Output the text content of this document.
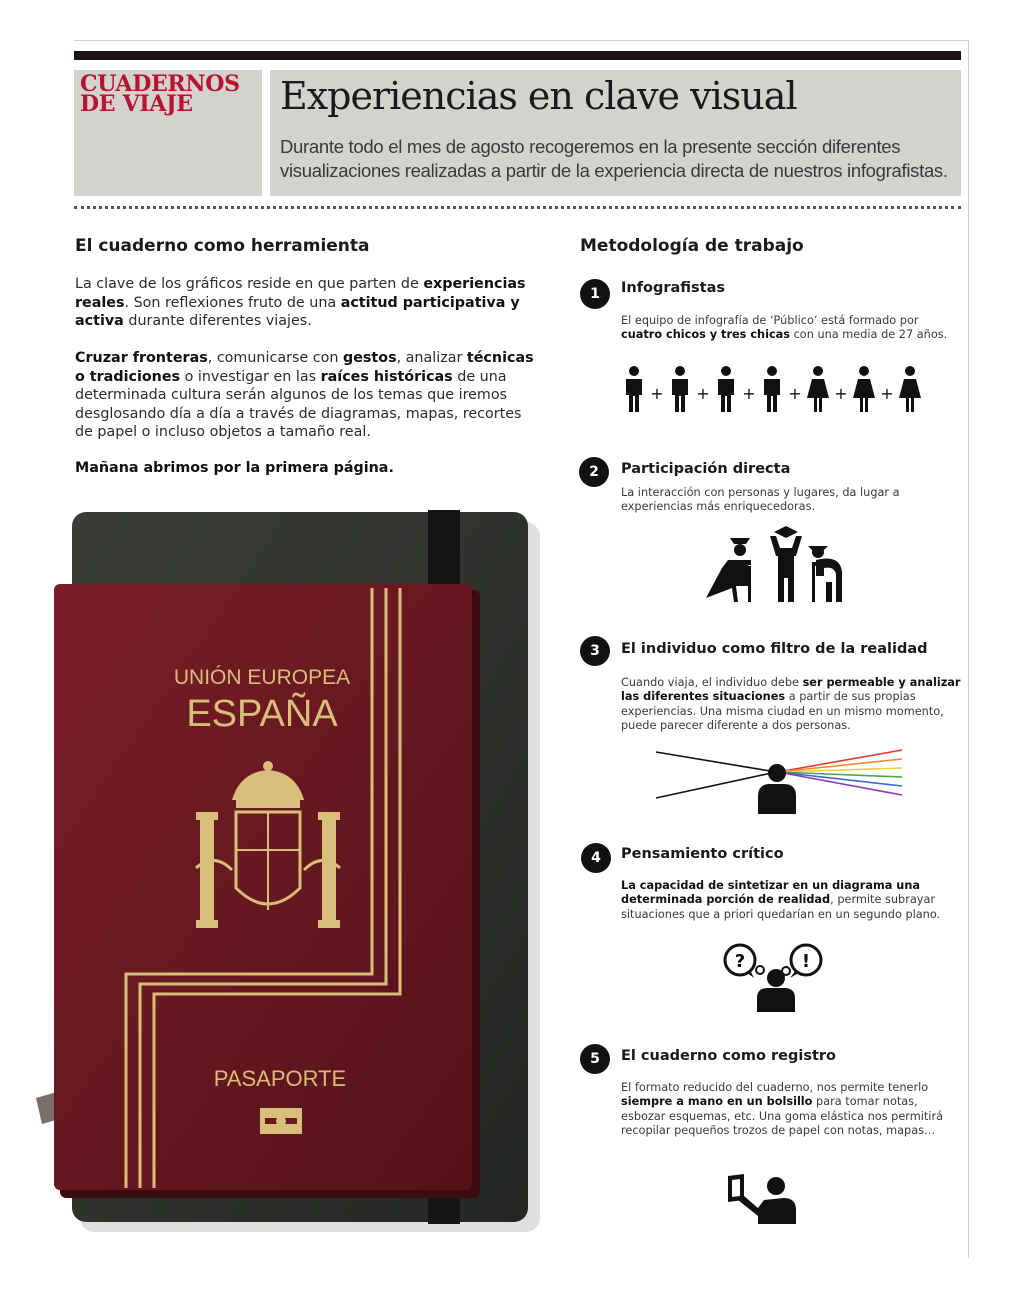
CUADERNOS
DE VIAJE	Experiencias en clave visual
Durante todo el mes de agosto recogeremos en la presente sección diferentes visualizaciones realizadas a partir de la experiencia directa de nuestros infografistas.
El cuaderno como herramienta
La clave de los gráficos reside en que parten de experiencias reales. Son reflexiones fruto de una actitud participativa y activa durante diferentes viajes.
Cruzar fronteras, comunicarse con gestos, analizar técnicas o tradiciones o investigar en las raíces históricas de una determinada cultura serán algunos de los temas que iremos desglosando día a día a través de diagramas, mapas, recortes de papel o incluso objetos a tamaño real.
Mañana abrimos por la primera página.
UNIÓN EUROPEA
ESPAÑA
PASAPORTE
Metodología de trabajo
1	Infografistas
El equipo de infografía de ‘Público’ está formado por cuatro chicos y tres chicas con una media de 27 años.
+ + + + + +
2	Participación directa
La interacción con personas y lugares, da lugar a experiencias más enriquecedoras.
3	El individuo como filtro de la realidad
Cuando viaja, el individuo debe ser permeable y analizar las diferentes situaciones a partir de sus propias experiencias. Una misma ciudad en un mismo momento, puede parecer diferente a dos personas.
4	Pensamiento crítico
La capacidad de sintetizar en un diagrama una determinada porción de realidad, permite subrayar situaciones que a priori quedarían en un segundo plano.
?	!
5	El cuaderno como registro
El formato reducido del cuaderno, nos permite tenerlo siempre a mano en un bolsillo para tomar notas, esbozar esquemas, etc. Una goma elástica nos permitirá recopilar pequeños trozos de papel con notas, mapas…
